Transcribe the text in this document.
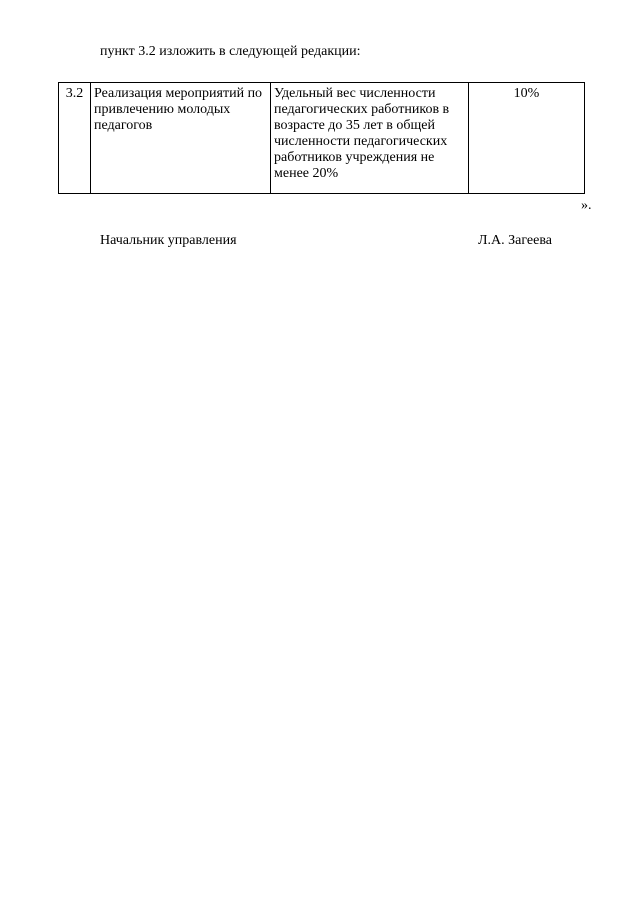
пункт 3.2 изложить в следующей редакции:
3.2	Реализация мероприятий по привлечению молодых педагогов	Удельный вес численности педагогических работников в возрасте до 35 лет в общей численности педагогических работников учреждения не менее 20%	10%
».
Начальник управления	Л.А. Загеева
